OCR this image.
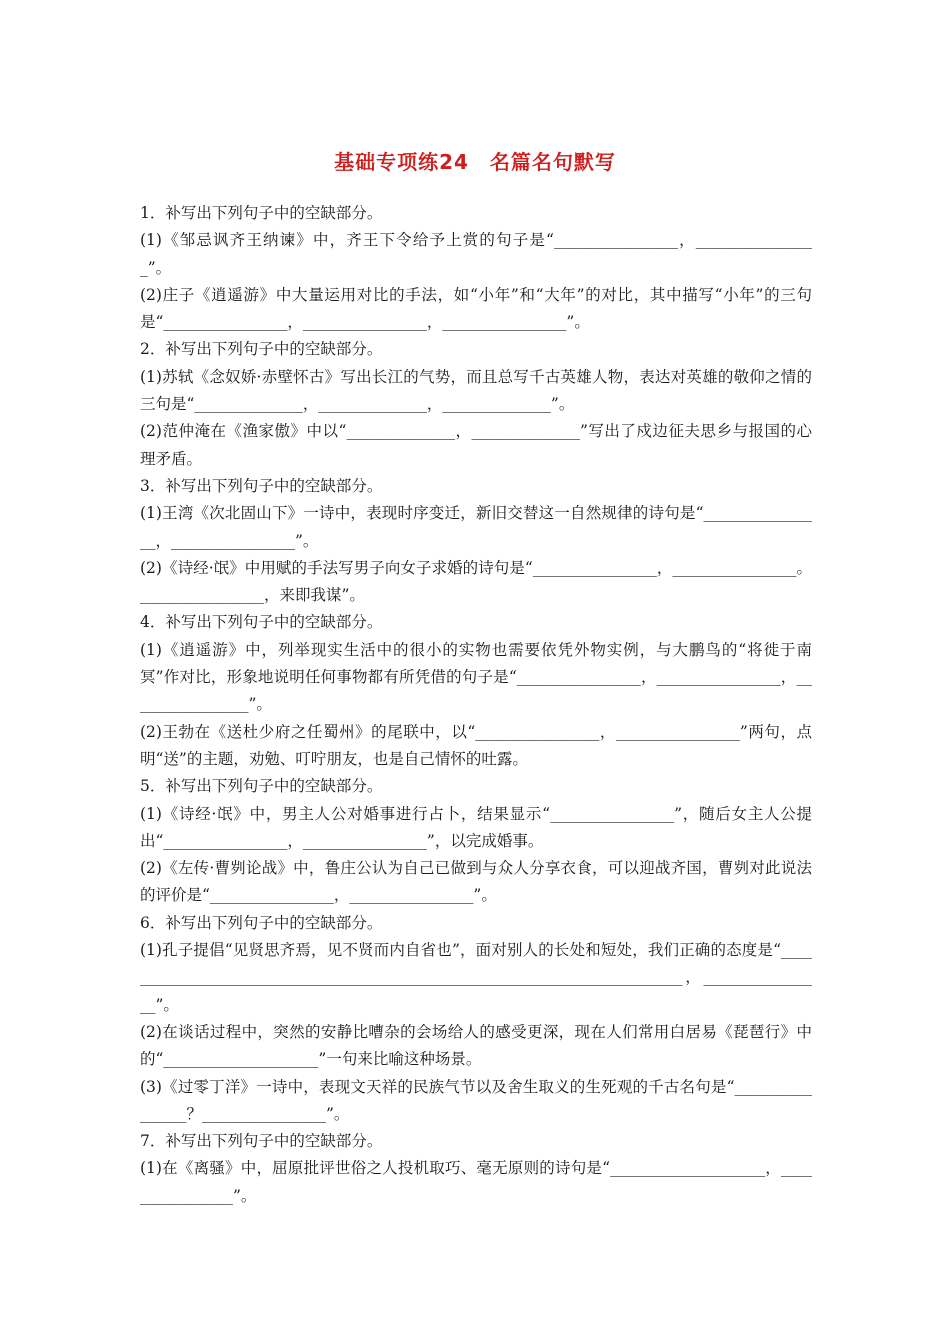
基础专项练24　名篇名句默写

1．补写出下列句子中的空缺部分。

(1)《邹忌讽齐王纳谏》中，齐王下令给予上赏的句子是“________________，________________”。

(2)庄子《逍遥游》中大量运用对比的手法，如“小年”和“大年”的对比，其中描写“小年”的三句是“________________，________________，________________”。

2．补写出下列句子中的空缺部分。

(1)苏轼《念奴娇·赤壁怀古》写出长江的气势，而且总写千古英雄人物，表达对英雄的敬仰之情的三句是“______________，______________，______________”。

(2)范仲淹在《渔家傲》中以“______________，______________”写出了戍边征夫思乡与报国的心理矛盾。

3．补写出下列句子中的空缺部分。

(1)王湾《次北固山下》一诗中，表现时序变迁，新旧交替这一自然规律的诗句是“________________，________________”。

(2)《诗经·氓》中用赋的手法写男子向女子求婚的诗句是“________________，________________。________________，来即我谋”。

4．补写出下列句子中的空缺部分。

(1)《逍遥游》中，列举现实生活中的很小的实物也需要依凭外物实例，与大鹏鸟的“将徙于南冥”作对比，形象地说明任何事物都有所凭借的句子是“________________，________________，________________”。

(2)王勃在《送杜少府之任蜀州》的尾联中，以“________________，________________”两句，点明“送”的主题，劝勉、叮咛朋友，也是自己情怀的吐露。

5．补写出下列句子中的空缺部分。

(1)《诗经·氓》中，男主人公对婚事进行占卜，结果显示“________________”，随后女主人公提出“________________，________________”，以完成婚事。

(2)《左传·曹刿论战》中，鲁庄公认为自己已做到与众人分享衣食，可以迎战齐国，曹刿对此说法的评价是“________________，________________”。

6．补写出下列句子中的空缺部分。

(1)孔子提倡“见贤思齐焉，见不贤而内自省也”，面对别人的长处和短处，我们正确的态度是“__________________________________________________________________________，________________”。

(2)在谈话过程中，突然的安静比嘈杂的会场给人的感受更深，现在人们常用白居易《琵琶行》中的“____________________”一句来比喻这种场景。

(3)《过零丁洋》一诗中，表现文天祥的民族气节以及舍生取义的生死观的千古名句是“________________？________________”。

7．补写出下列句子中的空缺部分。

(1)在《离骚》中，屈原批评世俗之人投机取巧、毫无原则的诗句是“____________________，________________”。
